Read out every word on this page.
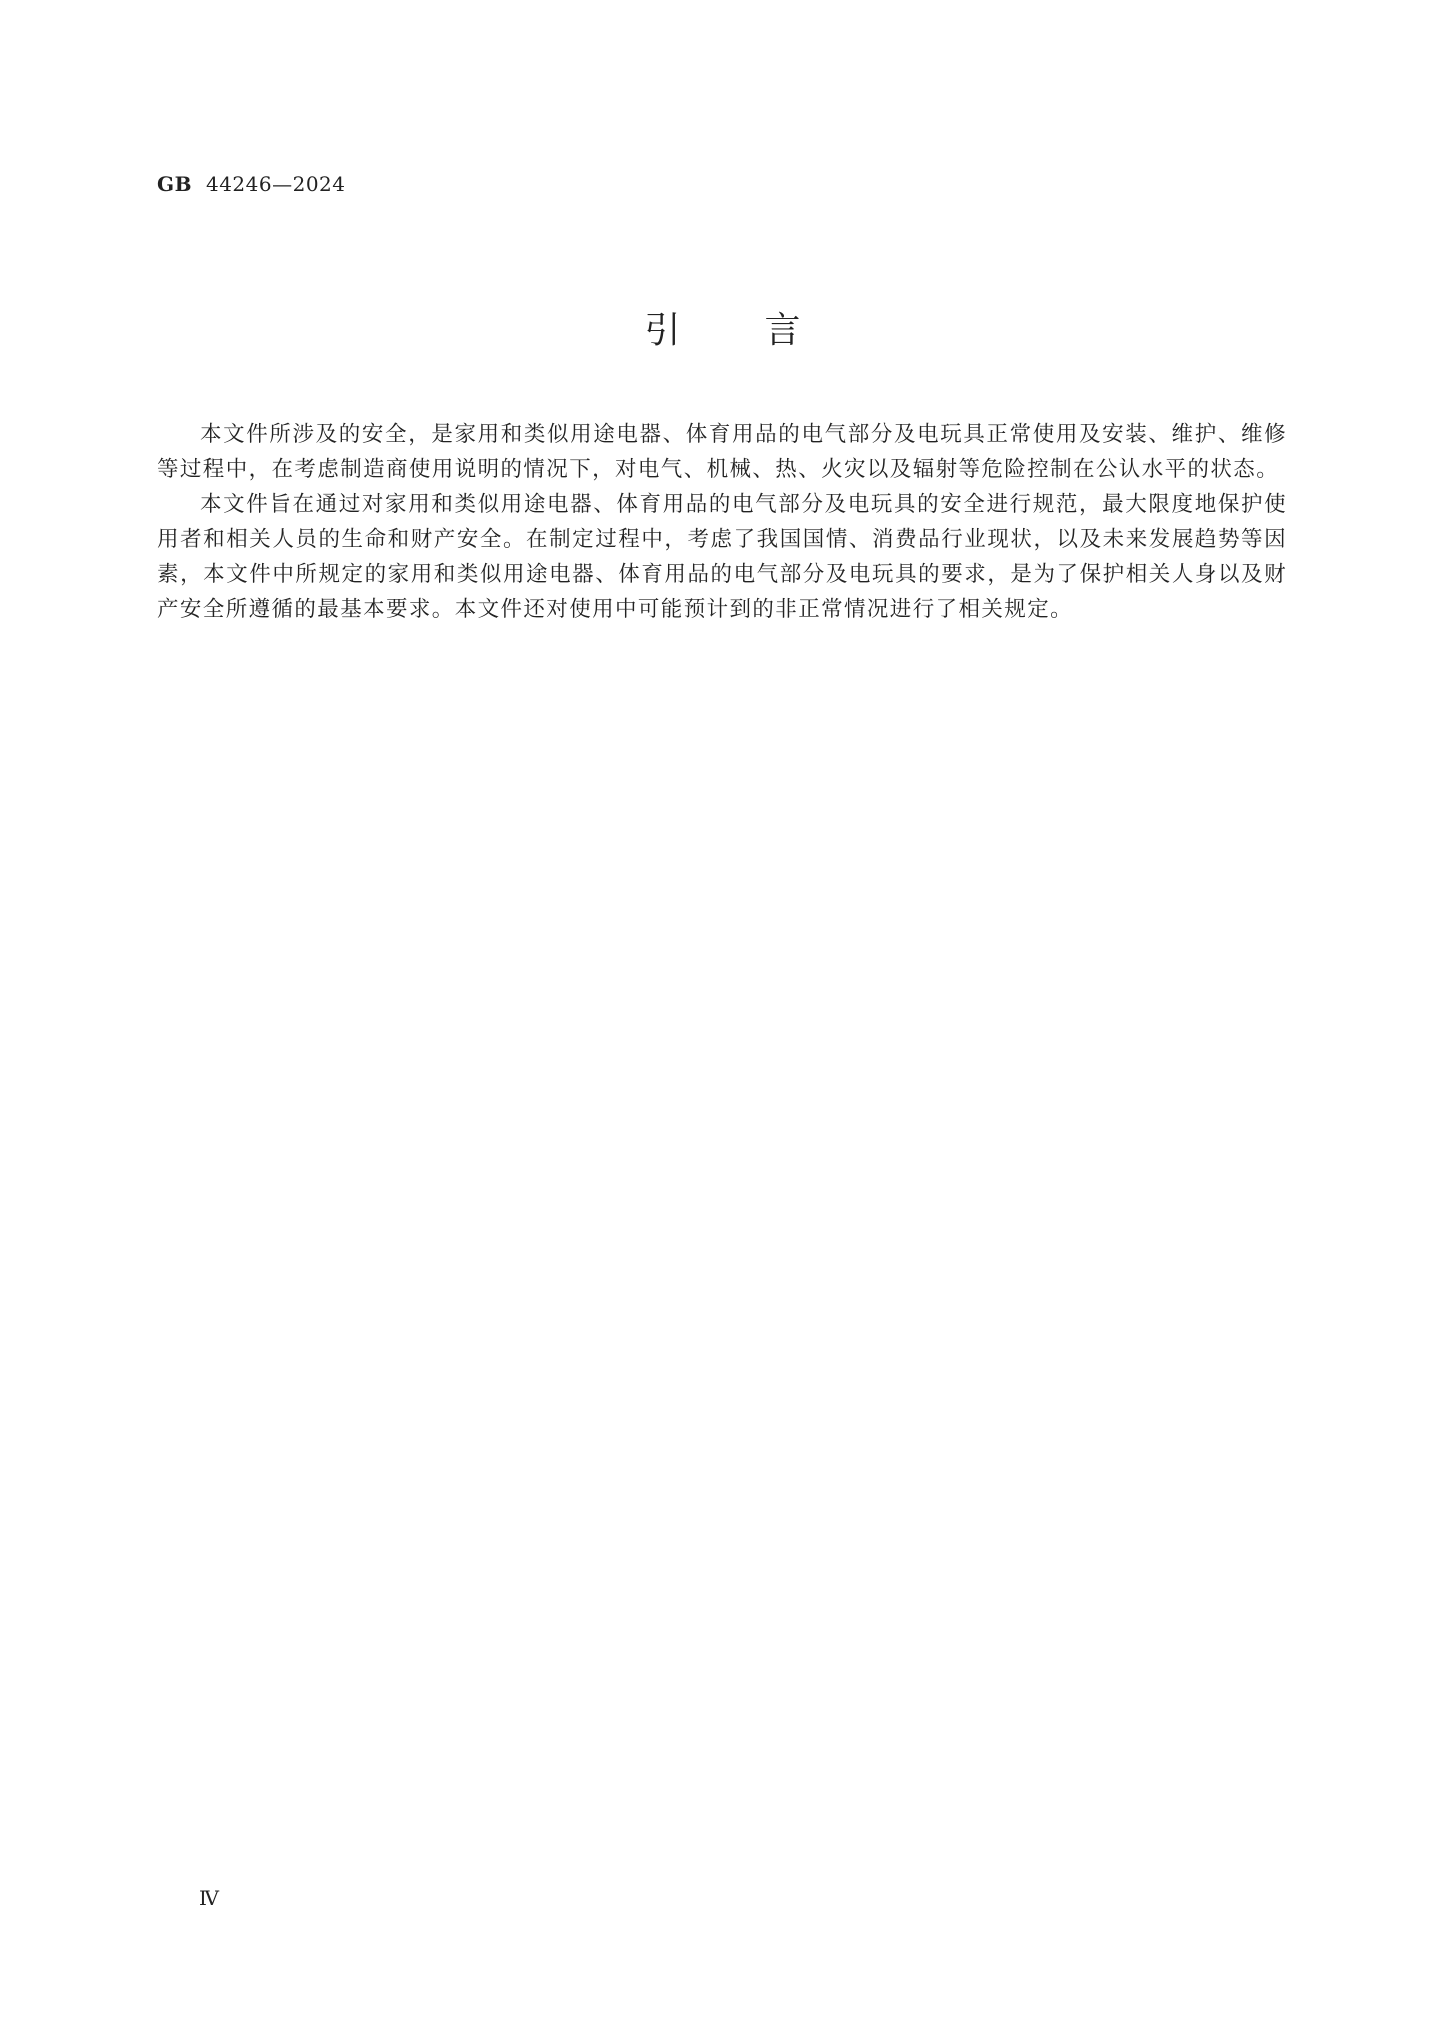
GB 44246—2024
引言

本文件所涉及的安全，是家用和类似用途电器、体育用品的电气部分及电玩具正常使用及安装、维护、维修等过程中，在考虑制造商使用说明的情况下，对电气、机械、热、火灾以及辐射等危险控制在公认水平的状态。

本文件旨在通过对家用和类似用途电器、体育用品的电气部分及电玩具的安全进行规范，最大限度地保护使用者和相关人员的生命和财产安全。在制定过程中，考虑了我国国情、消费品行业现状，以及未来发展趋势等因素，本文件中所规定的家用和类似用途电器、体育用品的电气部分及电玩具的要求，是为了保护相关人身以及财产安全所遵循的最基本要求。本文件还对使用中可能预计到的非正常情况进行了相关规定。

Ⅳ
